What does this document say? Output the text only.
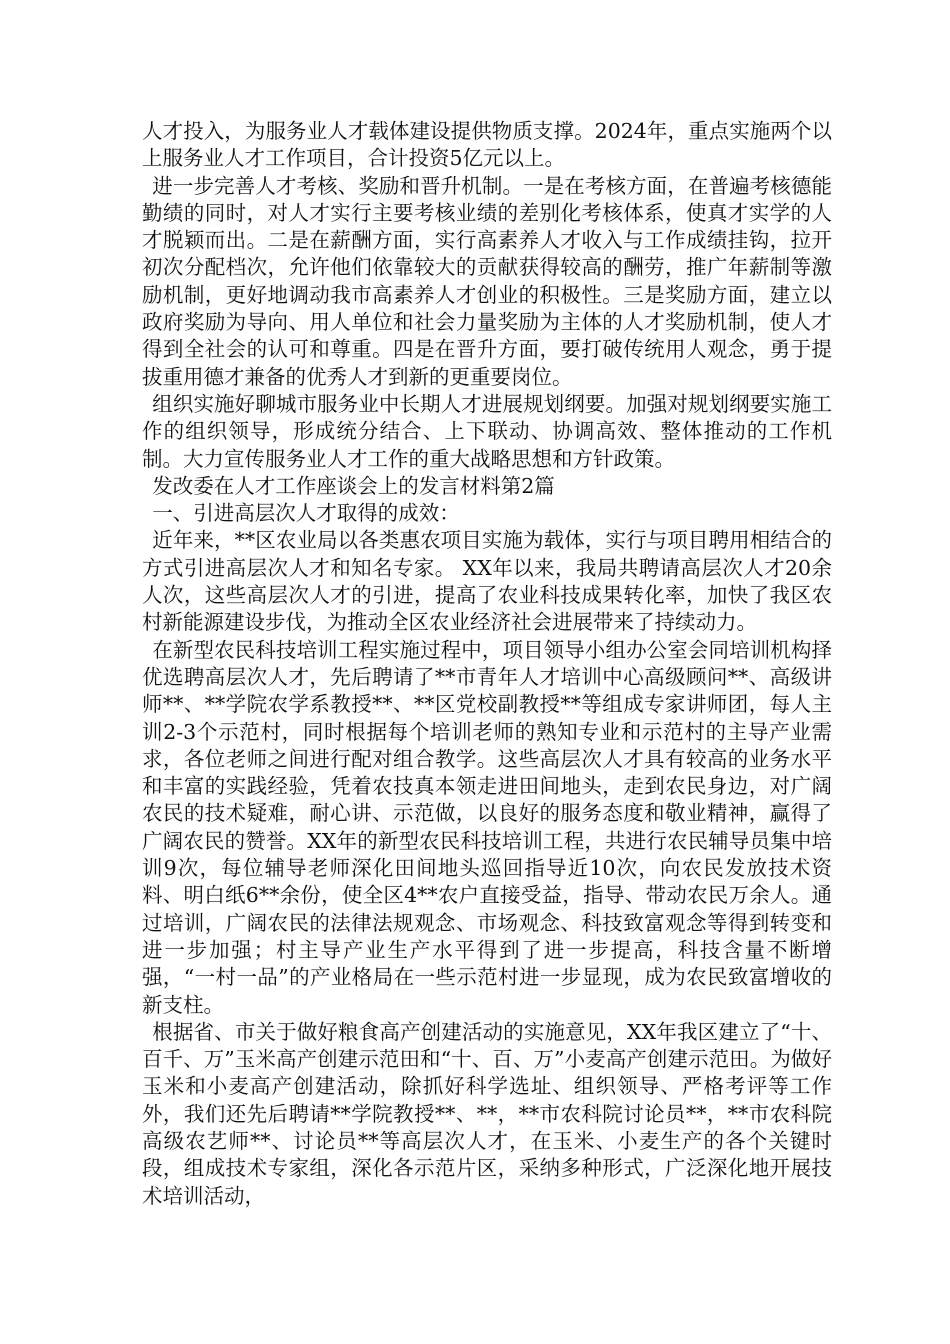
人才投入，为服务业人才载体建设提供物质支撑。2024年，重点实施两个以上服务业人才工作项目，合计投资5亿元以上。

进一步完善人才考核、奖励和晋升机制。一是在考核方面，在普遍考核德能勤绩的同时，对人才实行主要考核业绩的差别化考核体系，使真才实学的人才脱颖而出。二是在薪酬方面，实行高素养人才收入与工作成绩挂钩，拉开初次分配档次，允许他们依靠较大的贡献获得较高的酬劳，推广年薪制等激励机制，更好地调动我市高素养人才创业的积极性。三是奖励方面，建立以政府奖励为导向、用人单位和社会力量奖励为主体的人才奖励机制，使人才得到全社会的认可和尊重。四是在晋升方面，要打破传统用人观念，勇于提拔重用德才兼备的优秀人才到新的更重要岗位。

组织实施好聊城市服务业中长期人才进展规划纲要。加强对规划纲要实施工作的组织领导，形成统分结合、上下联动、协调高效、整体推动的工作机制。大力宣传服务业人才工作的重大战略思想和方针政策。

发改委在人才工作座谈会上的发言材料第2篇

一、引进高层次人才取得的成效：

近年来，**区农业局以各类惠农项目实施为载体，实行与项目聘用相结合的方式引进高层次人才和知名专家。 XX年以来，我局共聘请高层次人才20余人次，这些高层次人才的引进，提高了农业科技成果转化率，加快了我区农村新能源建设步伐，为推动全区农业经济社会进展带来了持续动力。

在新型农民科技培训工程实施过程中，项目领导小组办公室会同培训机构择优选聘高层次人才，先后聘请了**市青年人才培训中心高级顾问**、高级讲师**、**学院农学系教授**、**区党校副教授**等组成专家讲师团，每人主训2-3个示范村，同时根据每个培训老师的熟知专业和示范村的主导产业需求，各位老师之间进行配对组合教学。这些高层次人才具有较高的业务水平和丰富的实践经验，凭着农技真本领走进田间地头，走到农民身边，对广阔农民的技术疑难，耐心讲、示范做，以良好的服务态度和敬业精神，赢得了广阔农民的赞誉。XX年的新型农民科技培训工程，共进行农民辅导员集中培训9次，每位辅导老师深化田间地头巡回指导近10次，向农民发放技术资料、明白纸6**余份，使全区4**农户直接受益，指导、带动农民万余人。通过培训，广阔农民的法律法规观念、市场观念、科技致富观念等得到转变和进一步加强；村主导产业生产水平得到了进一步提高，科技含量不断增强，“一村一品”的产业格局在一些示范村进一步显现，成为农民致富增收的新支柱。

根据省、市关于做好粮食高产创建活动的实施意见，XX年我区建立了“十、百千、万”玉米高产创建示范田和“十、百、万”小麦高产创建示范田。为做好玉米和小麦高产创建活动，除抓好科学选址、组织领导、严格考评等工作外，我们还先后聘请**学院教授**、**，**市农科院讨论员**，**市农科院高级农艺师**、讨论员**等高层次人才，在玉米、小麦生产的各个关键时段，组成技术专家组，深化各示范片区，采纳多种形式，广泛深化地开展技术培训活动，
